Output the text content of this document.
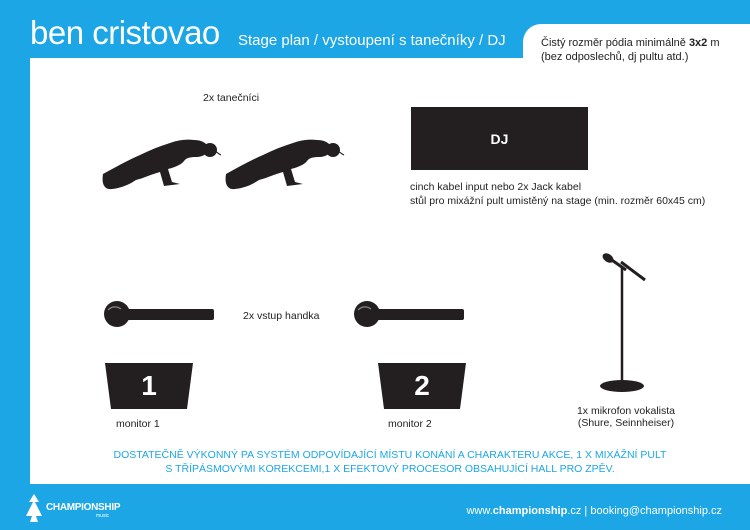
ben cristovao Stage plan / vystoupení s tanečníky / DJ	Čistý rozměr pódia minimálně 3x2 m
(bez odposlechů, dj pultu atd.)
2x tanečníci
DJ
cinch kabel input nebo 2x Jack kabel
stůl pro mixážní pult umistěný na stage (min. rozměr 60x45 cm)
2x vstup handka
1
monitor 1
2
monitor 2
1x mikrofon vokalista
(Shure, Seinnheiser)
DOSTATEČNĚ VÝKONNÝ PA SYSTÉM ODPOVÍDAJÍCÍ MÍSTU KONÁNÍ A CHARAKTERU AKCE, 1 X MIXÁŽNÍ PULT
S TŘÍPÁSMOVÝMI KOREKCEMI,1 X EFEKTOVÝ PROCESOR OBSAHUJÍCÍ HALL PRO ZPĚV.
CHAMPIONSHIP
music	www.championship.cz | booking@championship.cz
